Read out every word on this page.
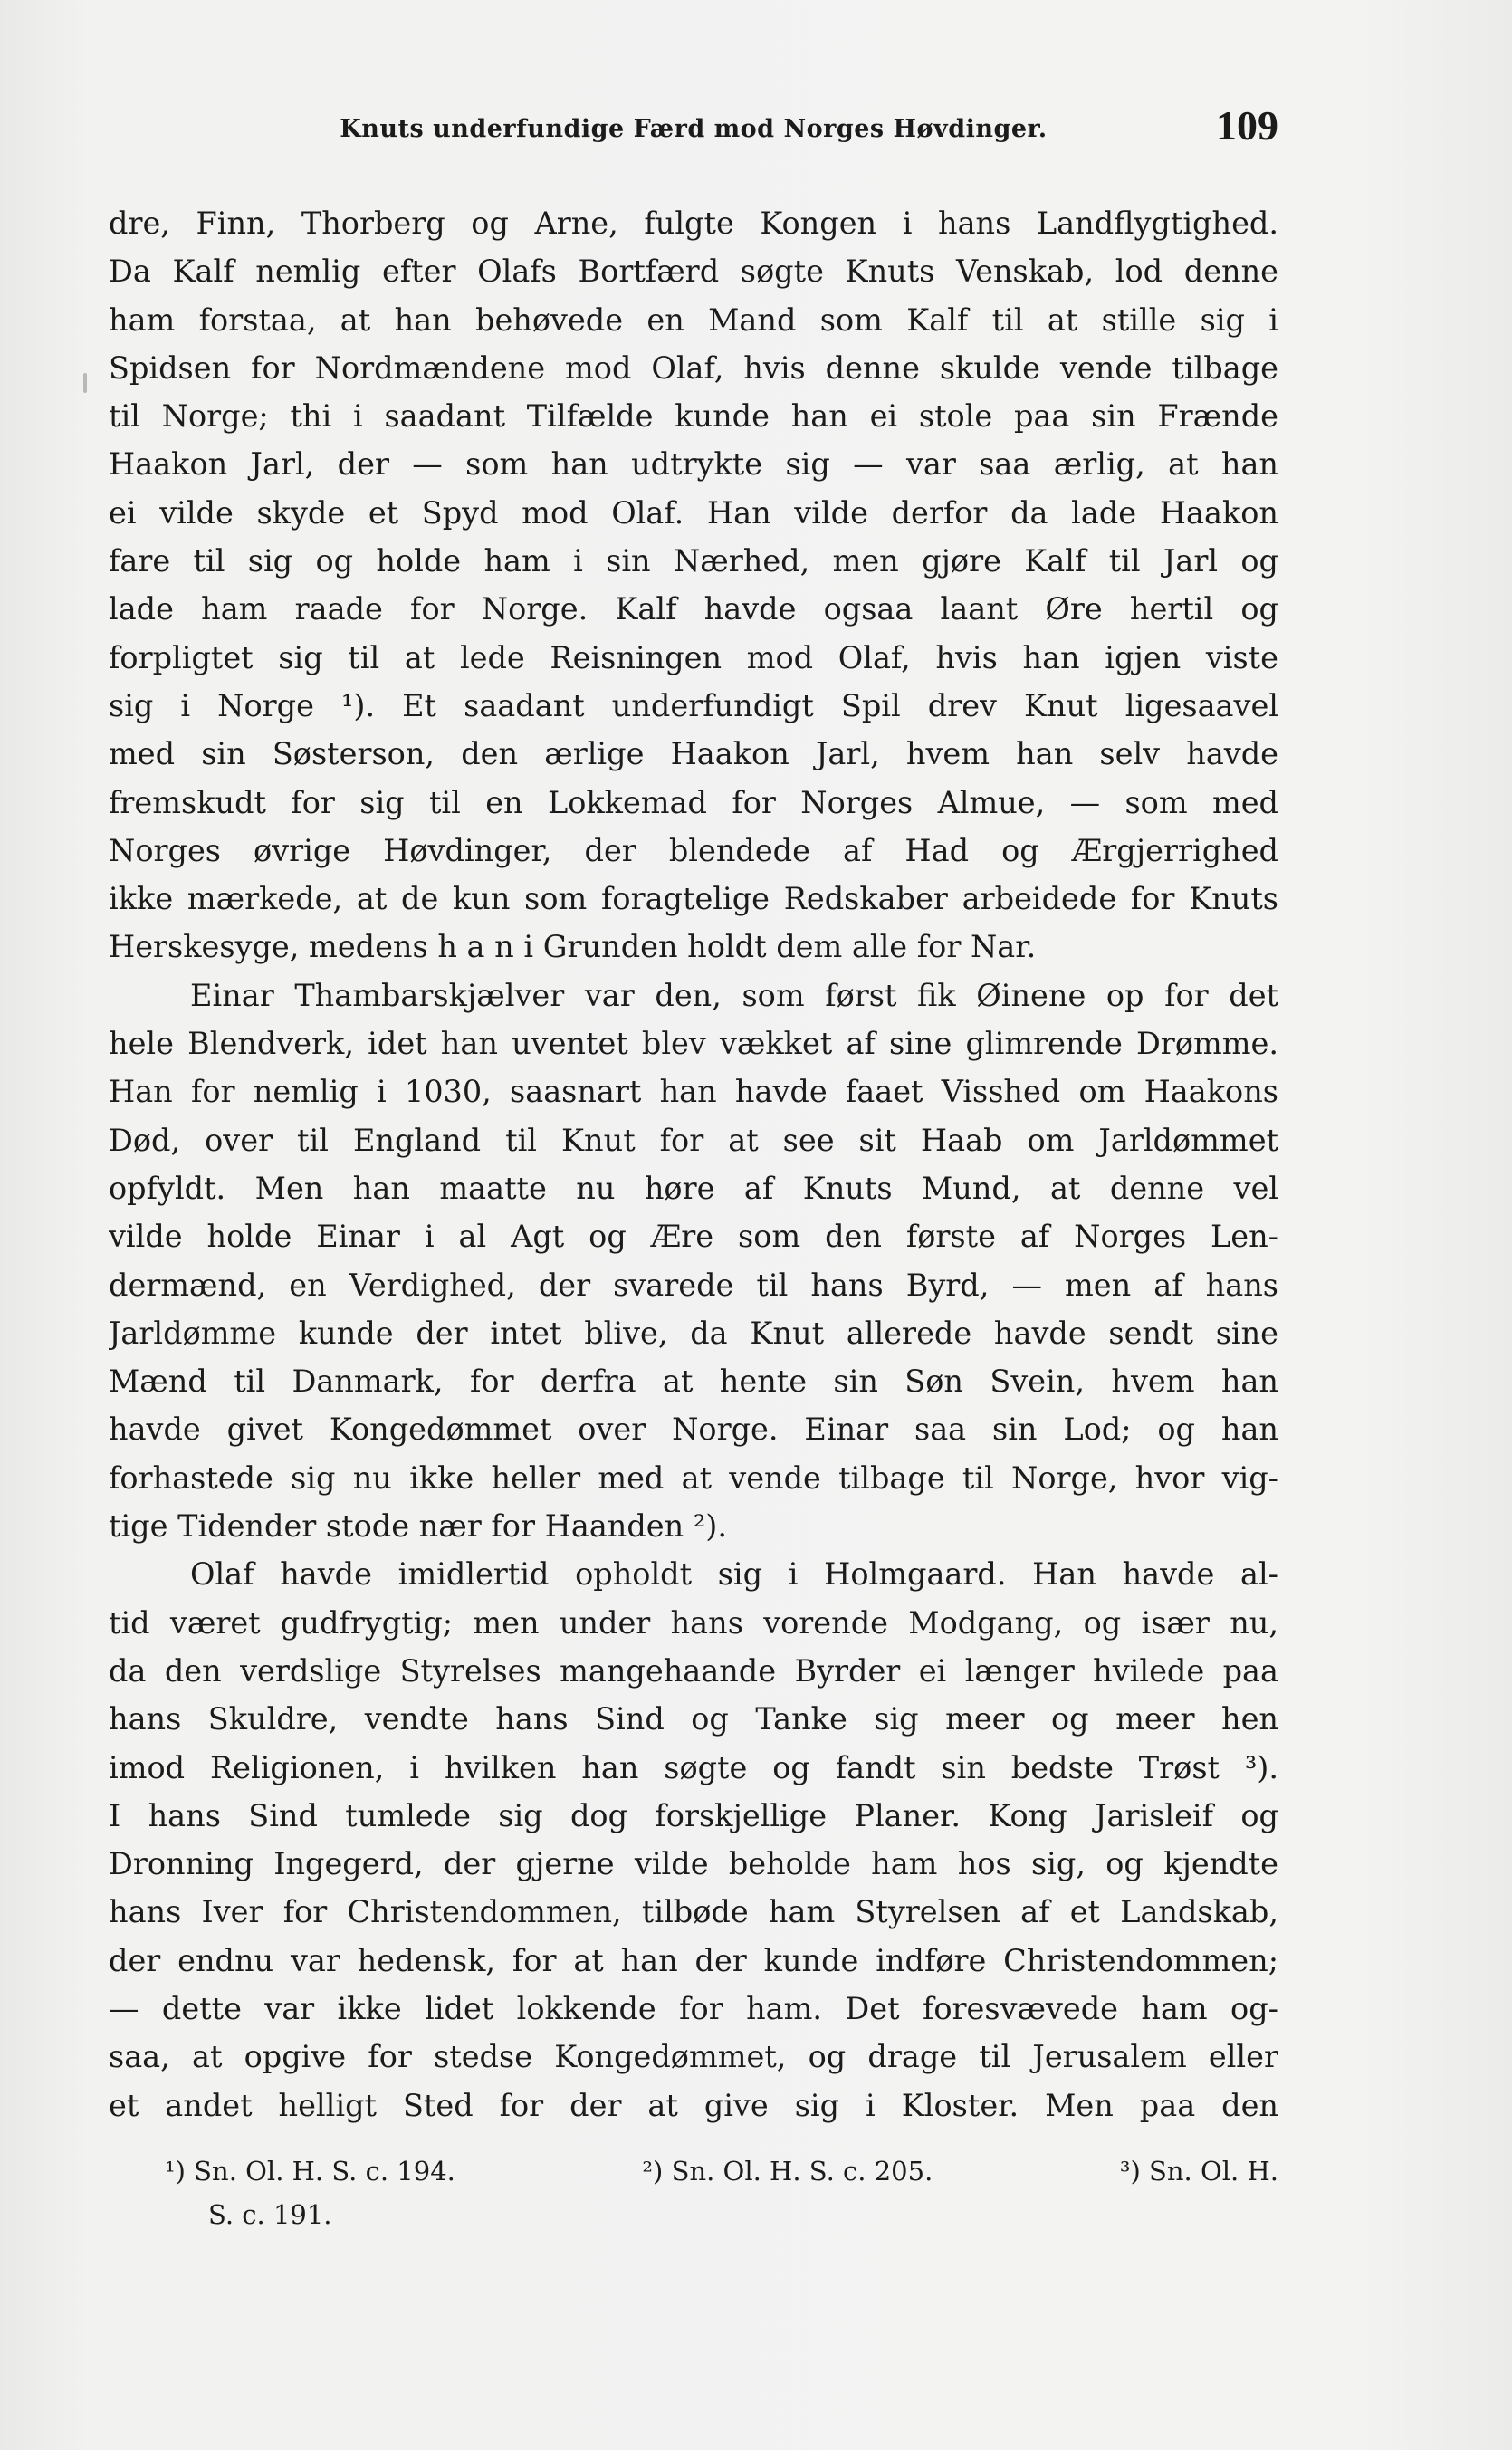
Knuts underfundige Færd mod Norges Høvdinger.	109
dre, Finn, Thorberg og Arne, fulgte Kongen i hans Landflygtighed.
Da Kalf nemlig efter Olafs Bortfærd søgte Knuts Venskab, lod denne
ham forstaa, at han behøvede en Mand som Kalf til at stille sig i
Spidsen for Nordmændene mod Olaf, hvis denne skulde vende tilbage
til Norge; thi i saadant Tilfælde kunde han ei stole paa sin Frænde
Haakon Jarl, der — som han udtrykte sig — var saa ærlig, at han
ei vilde skyde et Spyd mod Olaf. Han vilde derfor da lade Haakon
fare til sig og holde ham i sin Nærhed, men gjøre Kalf til Jarl og
lade ham raade for Norge. Kalf havde ogsaa laant Øre hertil og
forpligtet sig til at lede Reisningen mod Olaf, hvis han igjen viste
sig i Norge ¹). Et saadant underfundigt Spil drev Knut ligesaavel
med sin Søsterson, den ærlige Haakon Jarl, hvem han selv havde
fremskudt for sig til en Lokkemad for Norges Almue, — som med
Norges øvrige Høvdinger, der blendede af Had og Ærgjerrighed
ikke mærkede, at de kun som foragtelige Redskaber arbeidede for Knuts
Herskesyge, medens h a n i Grunden holdt dem alle for Nar.
Einar Thambarskjælver var den, som først fik Øinene op for det
hele Blendverk, idet han uventet blev vækket af sine glimrende Drømme.
Han for nemlig i 1030, saasnart han havde faaet Visshed om Haakons
Død, over til England til Knut for at see sit Haab om Jarldømmet
opfyldt. Men han maatte nu høre af Knuts Mund, at denne vel
vilde holde Einar i al Agt og Ære som den første af Norges Len-
dermænd, en Verdighed, der svarede til hans Byrd, — men af hans
Jarldømme kunde der intet blive, da Knut allerede havde sendt sine
Mænd til Danmark, for derfra at hente sin Søn Svein, hvem han
havde givet Kongedømmet over Norge. Einar saa sin Lod; og han
forhastede sig nu ikke heller med at vende tilbage til Norge, hvor vig-
tige Tidender stode nær for Haanden ²).
Olaf havde imidlertid opholdt sig i Holmgaard. Han havde al-
tid været gudfrygtig; men under hans vorende Modgang, og især nu,
da den verdslige Styrelses mangehaande Byrder ei længer hvilede paa
hans Skuldre, vendte hans Sind og Tanke sig meer og meer hen
imod Religionen, i hvilken han søgte og fandt sin bedste Trøst ³).
I hans Sind tumlede sig dog forskjellige Planer. Kong Jarisleif og
Dronning Ingegerd, der gjerne vilde beholde ham hos sig, og kjendte
hans Iver for Christendommen, tilbøde ham Styrelsen af et Landskab,
der endnu var hedensk, for at han der kunde indføre Christendommen;
— dette var ikke lidet lokkende for ham. Det foresvævede ham og-
saa, at opgive for stedse Kongedømmet, og drage til Jerusalem eller
et andet helligt Sted for der at give sig i Kloster. Men paa den
¹) Sn. Ol. H. S. c. 194.	²) Sn. Ol. H. S. c. 205.	³) Sn. Ol. H.
S. c. 191.
